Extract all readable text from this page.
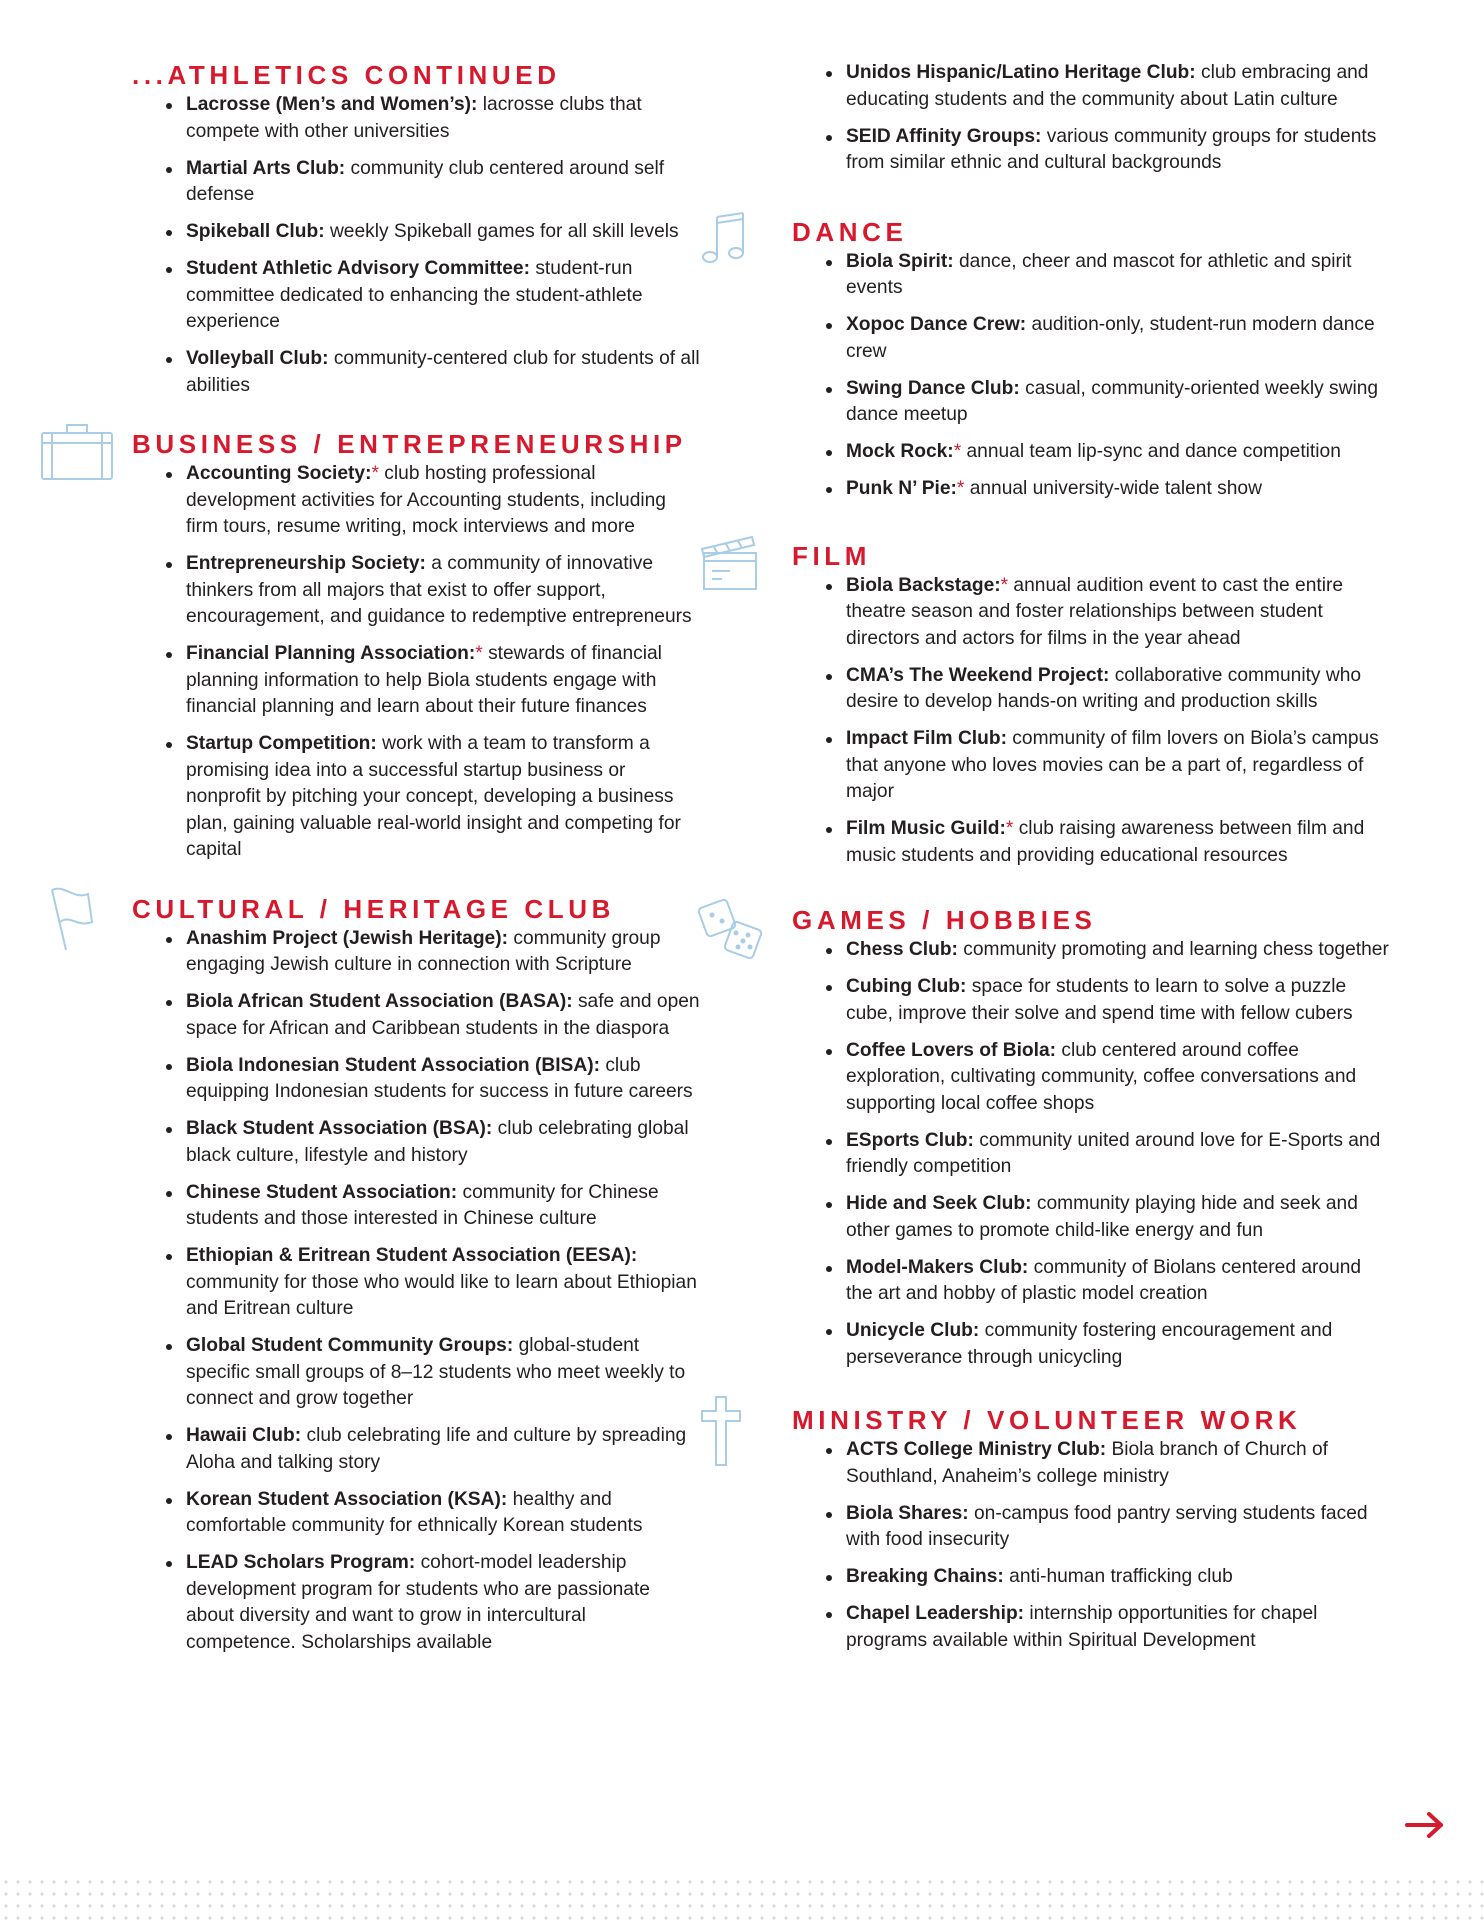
...ATHLETICS CONTINUED
Lacrosse (Men’s and Women’s): lacrosse clubs that compete with other universities
Martial Arts Club: community club centered around self defense
Spikeball Club: weekly Spikeball games for all skill levels
Student Athletic Advisory Committee: student-run committee dedicated to enhancing the student-athlete experience
Volleyball Club: community-centered club for students of all abilities
BUSINESS / ENTREPRENEURSHIP
Accounting Society:* club hosting professional development activities for Accounting students, including firm tours, resume writing, mock interviews and more
Entrepreneurship Society: a community of innovative thinkers from all majors that exist to offer support, encouragement, and guidance to redemptive entrepreneurs
Financial Planning Association:* stewards of financial planning information to help Biola students engage with financial planning and learn about their future finances
Startup Competition: work with a team to transform a promising idea into a successful startup business or nonprofit by pitching your concept, developing a business plan, gaining valuable real-world insight and competing for capital
CULTURAL / HERITAGE CLUB
Anashim Project (Jewish Heritage): community group engaging Jewish culture in connection with Scripture
Biola African Student Association (BASA): safe and open space for African and Caribbean students in the diaspora
Biola Indonesian Student Association (BISA): club equipping Indonesian students for success in future careers
Black Student Association (BSA): club celebrating global black culture, lifestyle and history
Chinese Student Association: community for Chinese students and those interested in Chinese culture
Ethiopian & Eritrean Student Association (EESA): community for those who would like to learn about Ethiopian and Eritrean culture
Global Student Community Groups: global-student specific small groups of 8–12 students who meet weekly to connect and grow together
Hawaii Club: club celebrating life and culture by spreading Aloha and talking story
Korean Student Association (KSA): healthy and comfortable community for ethnically Korean students
LEAD Scholars Program: cohort-model leadership development program for students who are passionate about diversity and want to grow in intercultural competence. Scholarships available
Unidos Hispanic/Latino Heritage Club: club embracing and educating students and the community about Latin culture
SEID Affinity Groups: various community groups for students from similar ethnic and cultural backgrounds
DANCE
Biola Spirit: dance, cheer and mascot for athletic and spirit events
Xopoc Dance Crew: audition-only, student-run modern dance crew
Swing Dance Club: casual, community-oriented weekly swing dance meetup
Mock Rock:* annual team lip-sync and dance competition
Punk N’ Pie:* annual university-wide talent show
FILM
Biola Backstage:* annual audition event to cast the entire theatre season and foster relationships between student directors and actors for films in the year ahead
CMA’s The Weekend Project: collaborative community who desire to develop hands-on writing and production skills
Impact Film Club: community of film lovers on Biola’s campus that anyone who loves movies can be a part of, regardless of major
Film Music Guild:* club raising awareness between film and music students and providing educational resources
GAMES / HOBBIES
Chess Club: community promoting and learning chess together
Cubing Club: space for students to learn to solve a puzzle cube, improve their solve and spend time with fellow cubers
Coffee Lovers of Biola: club centered around coffee exploration, cultivating community, coffee conversations and supporting local coffee shops
ESports Club: community united around love for E-Sports and friendly competition
Hide and Seek Club: community playing hide and seek and other games to promote child-like energy and fun
Model-Makers Club: community of Biolans centered around the art and hobby of plastic model creation
Unicycle Club: community fostering encouragement and perseverance through unicycling
MINISTRY / VOLUNTEER WORK
ACTS College Ministry Club: Biola branch of Church of Southland, Anaheim’s college ministry
Biola Shares: on-campus food pantry serving students faced with food insecurity
Breaking Chains: anti-human trafficking club
Chapel Leadership: internship opportunities for chapel programs available within Spiritual Development
